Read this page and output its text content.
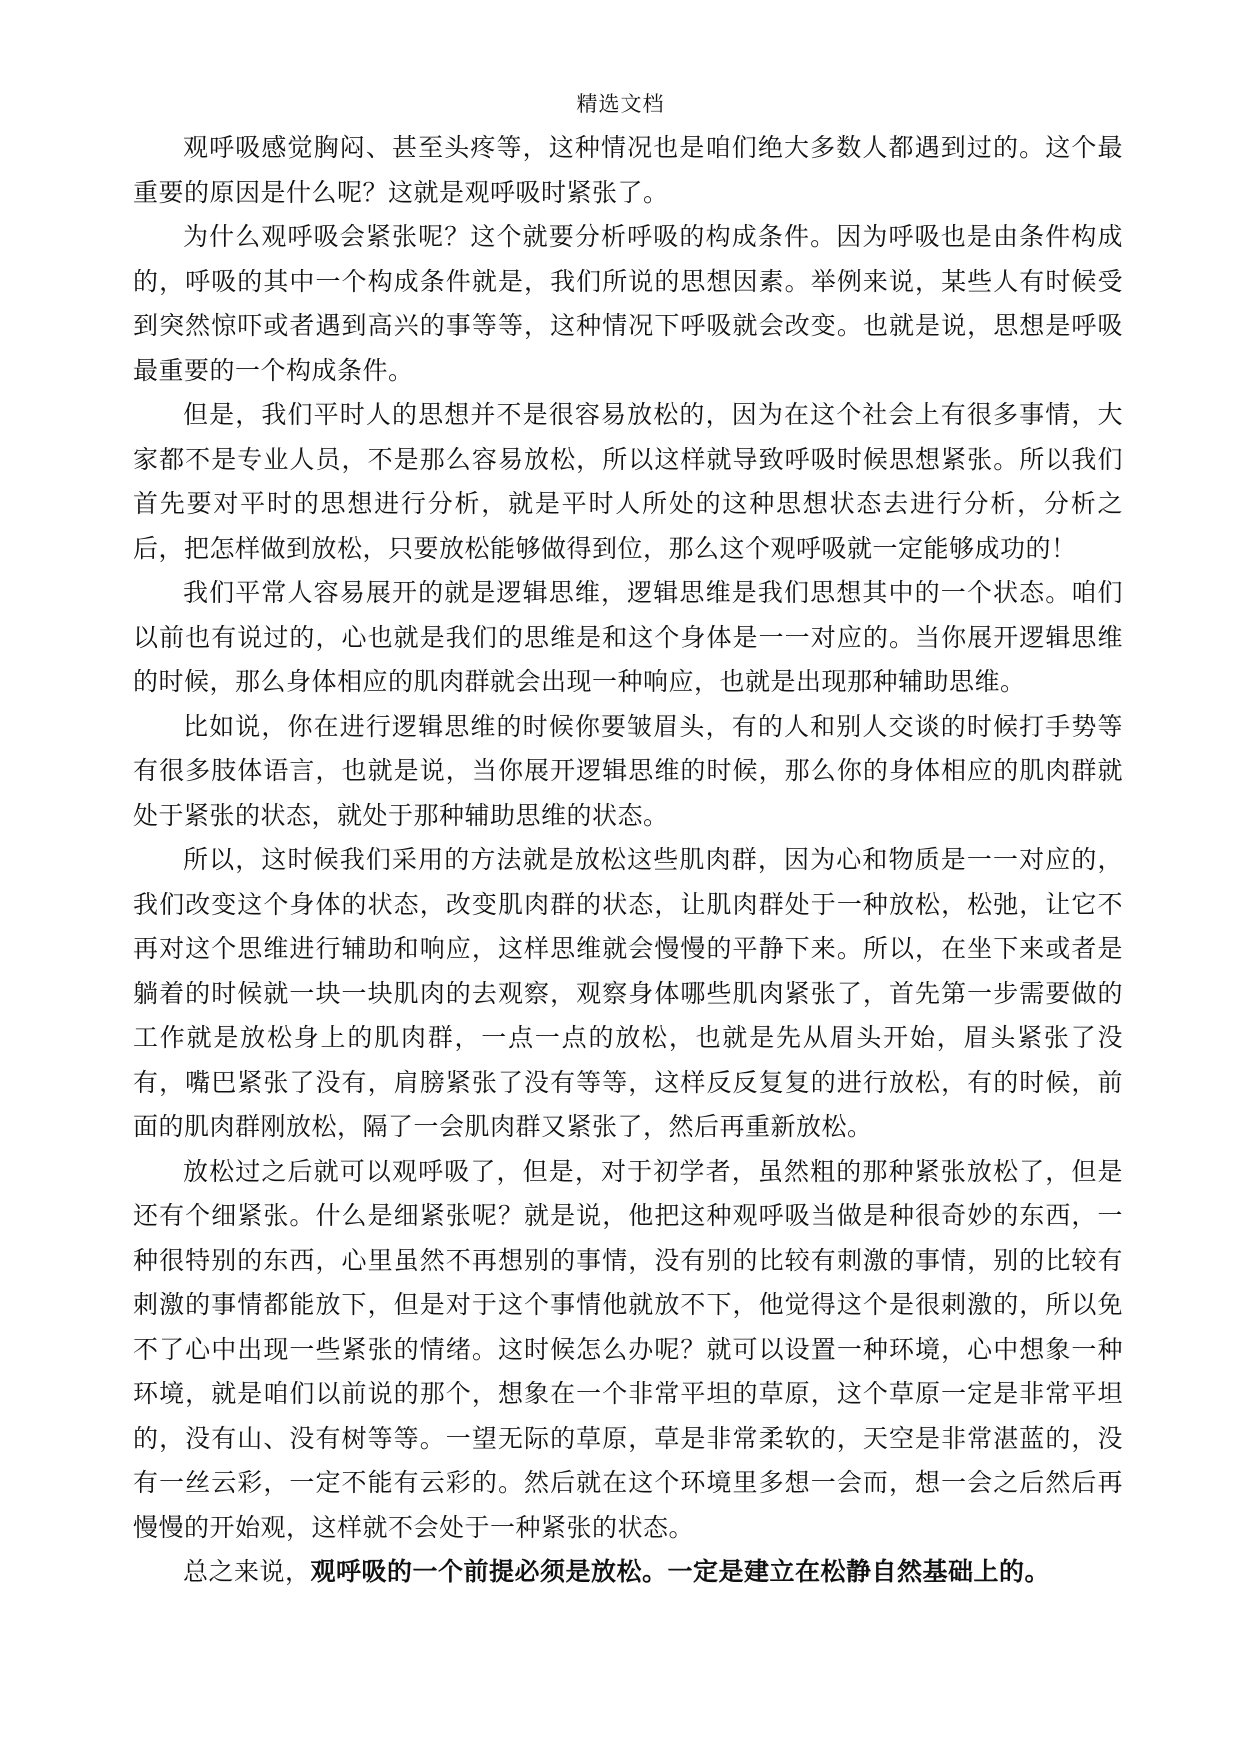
精选文档

观呼吸感觉胸闷、甚至头疼等，这种情况也是咱们绝大多数人都遇到过的。这个最重要的原因是什么呢？这就是观呼吸时紧张了。

为什么观呼吸会紧张呢？这个就要分析呼吸的构成条件。因为呼吸也是由条件构成的，呼吸的其中一个构成条件就是，我们所说的思想因素。举例来说，某些人有时候受到突然惊吓或者遇到高兴的事等等，这种情况下呼吸就会改变。也就是说，思想是呼吸最重要的一个构成条件。

但是，我们平时人的思想并不是很容易放松的，因为在这个社会上有很多事情，大家都不是专业人员，不是那么容易放松，所以这样就导致呼吸时候思想紧张。所以我们首先要对平时的思想进行分析，就是平时人所处的这种思想状态去进行分析，分析之后，把怎样做到放松，只要放松能够做得到位，那么这个观呼吸就一定能够成功的！

我们平常人容易展开的就是逻辑思维，逻辑思维是我们思想其中的一个状态。咱们以前也有说过的，心也就是我们的思维是和这个身体是一一对应的。当你展开逻辑思维的时候，那么身体相应的肌肉群就会出现一种响应，也就是出现那种辅助思维。

比如说，你在进行逻辑思维的时候你要皱眉头，有的人和别人交谈的时候打手势等有很多肢体语言，也就是说，当你展开逻辑思维的时候，那么你的身体相应的肌肉群就处于紧张的状态，就处于那种辅助思维的状态。

所以，这时候我们采用的方法就是放松这些肌肉群，因为心和物质是一一对应的，我们改变这个身体的状态，改变肌肉群的状态，让肌肉群处于一种放松，松弛，让它不再对这个思维进行辅助和响应，这样思维就会慢慢的平静下来。所以，在坐下来或者是躺着的时候就一块一块肌肉的去观察，观察身体哪些肌肉紧张了，首先第一步需要做的工作就是放松身上的肌肉群，一点一点的放松，也就是先从眉头开始，眉头紧张了没有，嘴巴紧张了没有，肩膀紧张了没有等等，这样反反复复的进行放松，有的时候，前面的肌肉群刚放松，隔了一会肌肉群又紧张了，然后再重新放松。

放松过之后就可以观呼吸了，但是，对于初学者，虽然粗的那种紧张放松了，但是还有个细紧张。什么是细紧张呢？就是说，他把这种观呼吸当做是种很奇妙的东西，一种很特别的东西，心里虽然不再想别的事情，没有别的比较有刺激的事情，别的比较有刺激的事情都能放下，但是对于这个事情他就放不下，他觉得这个是很刺激的，所以免不了心中出现一些紧张的情绪。这时候怎么办呢？就可以设置一种环境，心中想象一种环境，就是咱们以前说的那个，想象在一个非常平坦的草原，这个草原一定是非常平坦的，没有山、没有树等等。一望无际的草原，草是非常柔软的，天空是非常湛蓝的，没有一丝云彩，一定不能有云彩的。然后就在这个环境里多想一会而，想一会之后然后再慢慢的开始观，这样就不会处于一种紧张的状态。

总之来说，观呼吸的一个前提必须是放松。一定是建立在松静自然基础上的。
